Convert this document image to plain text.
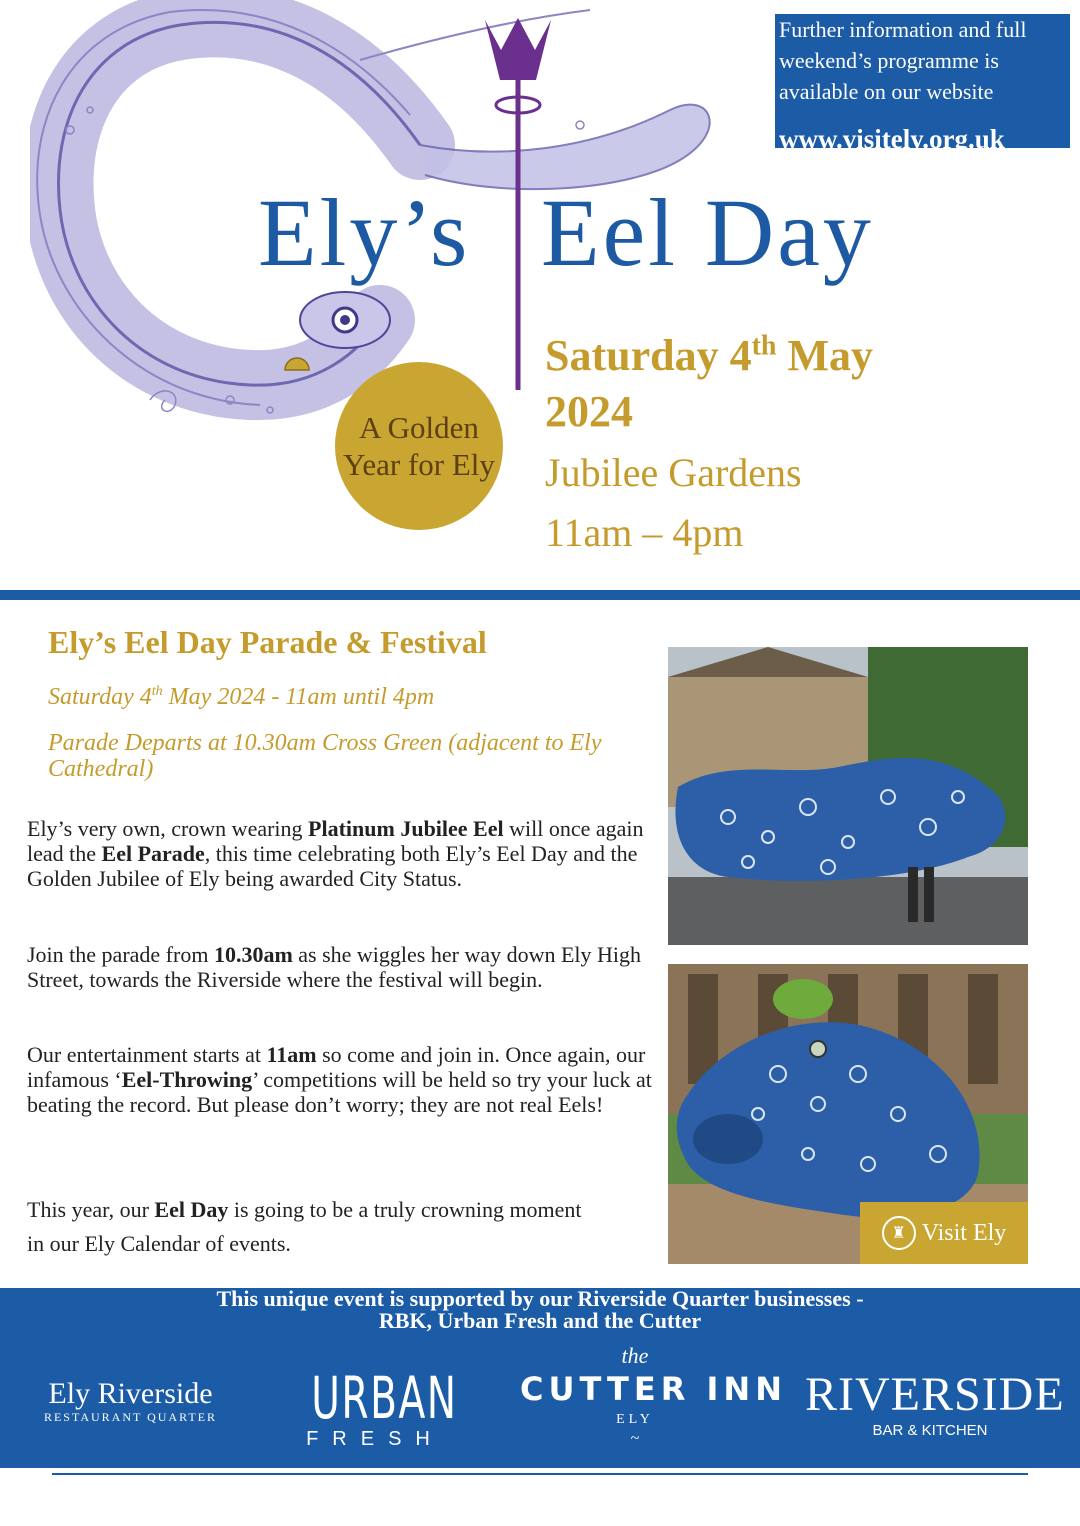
Further information and full weekend’s programme is available on our website
www.visitely.org.uk
Ely’s Eel Day
A Golden Year for Ely
Saturday 4th May
2024
Jubilee Gardens
11am – 4pm
Ely’s Eel Day Parade & Festival
Saturday 4th May 2024 - 11am until 4pm
Parade Departs at 10.30am Cross Green (adjacent to Ely Cathedral)
Ely’s very own, crown wearing Platinum Jubilee Eel will once again lead the Eel Parade, this time celebrating both Ely’s Eel Day and the Golden Jubilee of Ely being awarded City Status.
Join the parade from 10.30am as she wiggles her way down Ely High Street, towards the Riverside where the festival will begin.
Our entertainment starts at 11am so come and join in. Once again, our infamous ‘Eel-Throwing’ competitions will be held so try your luck at beating the record. But please don’t worry; they are not real Eels!
This year, our Eel Day is going to be a truly crowning moment in our Ely Calendar of events.	♜ Visit Ely
This unique event is supported by our Riverside Quarter businesses -
RBK, Urban Fresh and the Cutter
Ely Riverside
RESTAURANT QUARTER URBAN
FRESH
the
CUTTER INN
ELY
~
RIVERSIDE
BAR & KITCHEN
